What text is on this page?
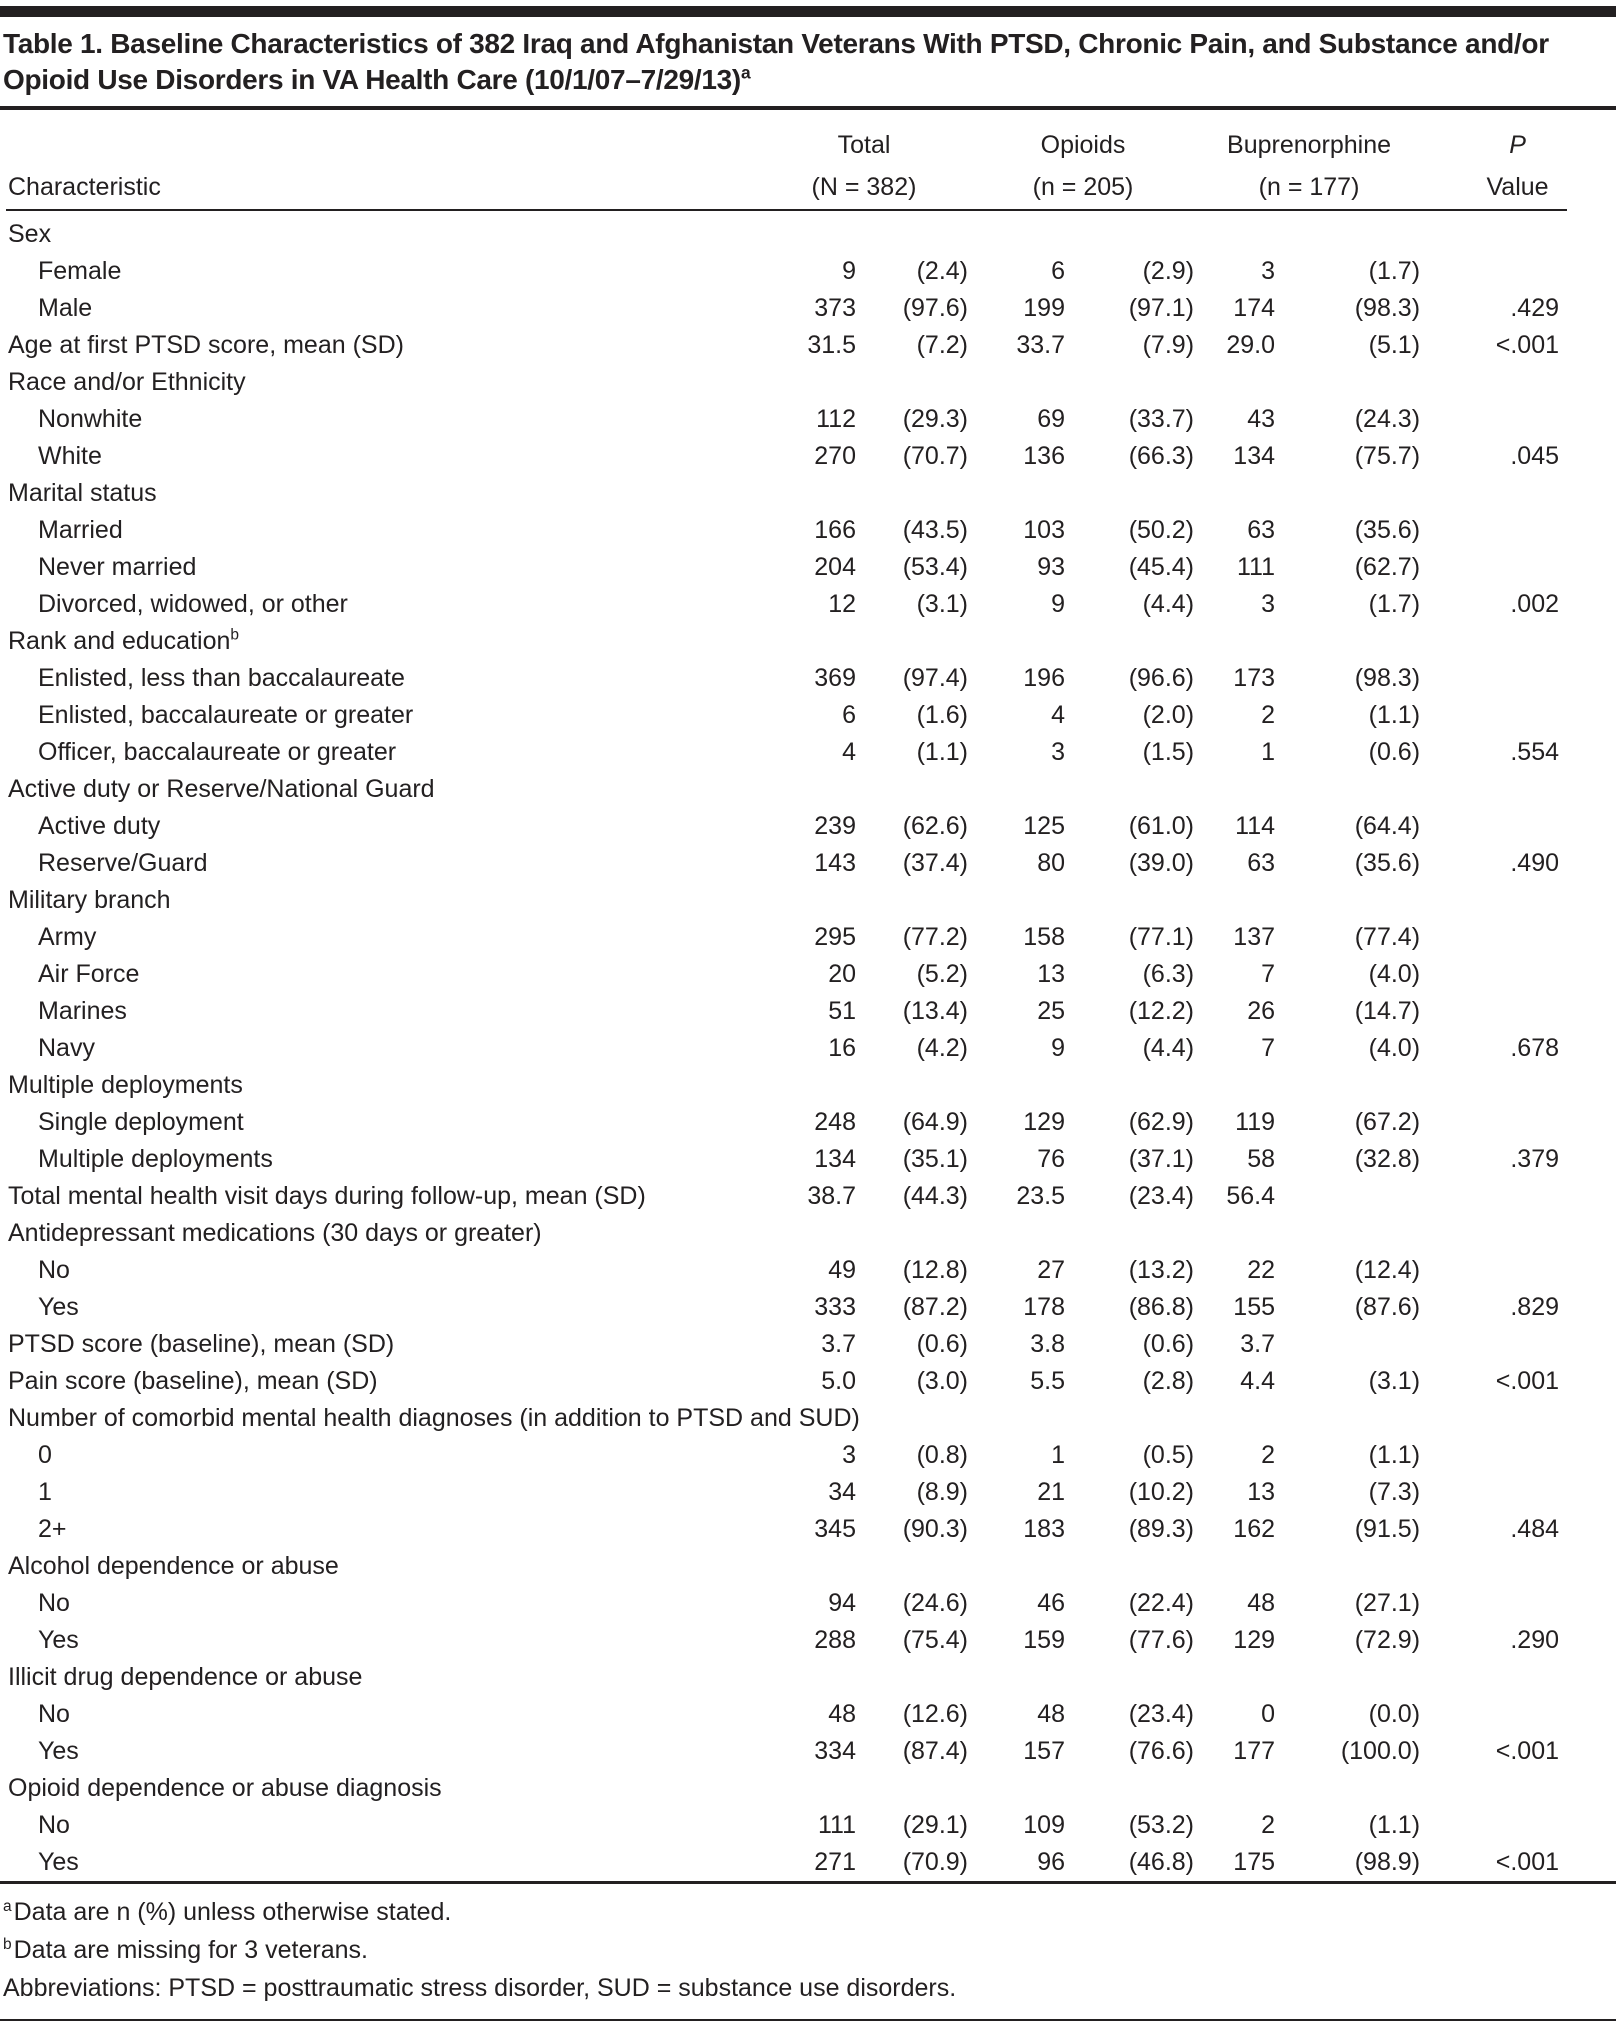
Table 1. Baseline Characteristics of 382 Iraq and Afghanistan Veterans With PTSD, Chronic Pain, and Substance and/or Opioid Use Disorders in VA Health Care $(10/1/07-7/29/13)^a$
	Total		Opioids		Buprenorphine		P
Characteristic	(N = 382)		(n = 205)		(n = 177)		Value
Sex							
Female	9	(2.4)	6	(2.9)	3	(1.7)	
Male	373	(97.6)	199	(97.1)	174	(98.3)	.429
Age at first PTSD score, mean (SD)	31.5	(7.2)	33.7	(7.9)	29.0	(5.1)	<.001
Race and/or Ethnicity							
Nonwhite	112	(29.3)	69	(33.7)	43	(24.3)	
White	270	(70.7)	136	(66.3)	134	(75.7)	.045
Marital status							
Married	166	(43.5)	103	(50.2)	63	(35.6)	
Never married	204	(53.4)	93	(45.4)	111	(62.7)	
Divorced, widowed, or other	12	(3.1)	9	(4.4)	3	(1.7)	.002
Rank and education$^b$
Enlisted, less than baccalaureate	369	(97.4)	196	(96.6)	173	(98.3)	
Enlisted, baccalaureate or greater	6	(1.6)	4	(2.0)	2	(1.1)	
Officer, baccalaureate or greater	4	(1.1)	3	(1.5)	1	(0.6)	.554
Active duty or Reserve/National Guard							
Active duty	239	(62.6)	125	(61.0)	114	(64.4)	
Reserve/Guard	143	(37.4)	80	(39.0)	63	(35.6)	.490
Military branch							
Army	295	(77.2)	158	(77.1)	137	(77.4)	
Air Force	20	(5.2)	13	(6.3)	7	(4.0)	
Marines	51	(13.4)	25	(12.2)	26	(14.7)	
Navy	16	(4.2)	9	(4.4)	7	(4.0)	.678
Multiple deployments							
Single deployment	248	(64.9)	129	(62.9)	119	(67.2)	
Multiple deployments	134	(35.1)	76	(37.1)	58	(32.8)	.379
Total mental health visit days during follow-up, mean (SD)	38.7	(44.3)	23.5	(23.4)	56.4		
Antidepressant medications (30 days or greater)							
No	49	(12.8)	27	(13.2)	22	(12.4)	
Yes	333	(87.2)	178	(86.8)	155	(87.6)	.829
PTSD score (baseline), mean (SD)	3.7	(0.6)	3.8	(0.6)	3.7		
Pain score (baseline), mean (SD)	5.0	(3.0)	5.5	(2.8)	4.4	(3.1)	<.001
Number of comorbid mental health diagnoses (in addition to PTSD and SUD)							
0	3	(0.8)	1	(0.5)	2	(1.1)	
1	34	(8.9)	21	(10.2)	13	(7.3)	
2+	345	(90.3)	183	(89.3)	162	(91.5)	.484
Alcohol dependence or abuse							
No	94	(24.6)	46	(22.4)	48	(27.1)	
Yes	288	(75.4)	159	(77.6)	129	(72.9)	.290
Illicit drug dependence or abuse							
No	48	(12.6)	48	(23.4)	0	(0.0)	
Yes	334	(87.4)	157	(76.6)	177	(100.0)	<.001
Opioid dependence or abuse diagnosis							
No	111	(29.1)	109	(53.2)	2	(1.1)	
Yes	271	(70.9)	96	(46.8)	175	(98.9)	<.001
$^a$Data are n (%) unless otherwise stated.
$^b$Data are missing for 3 veterans.
Abbreviations: PTSD = posttraumatic stress disorder, SUD = substance use disorders.
